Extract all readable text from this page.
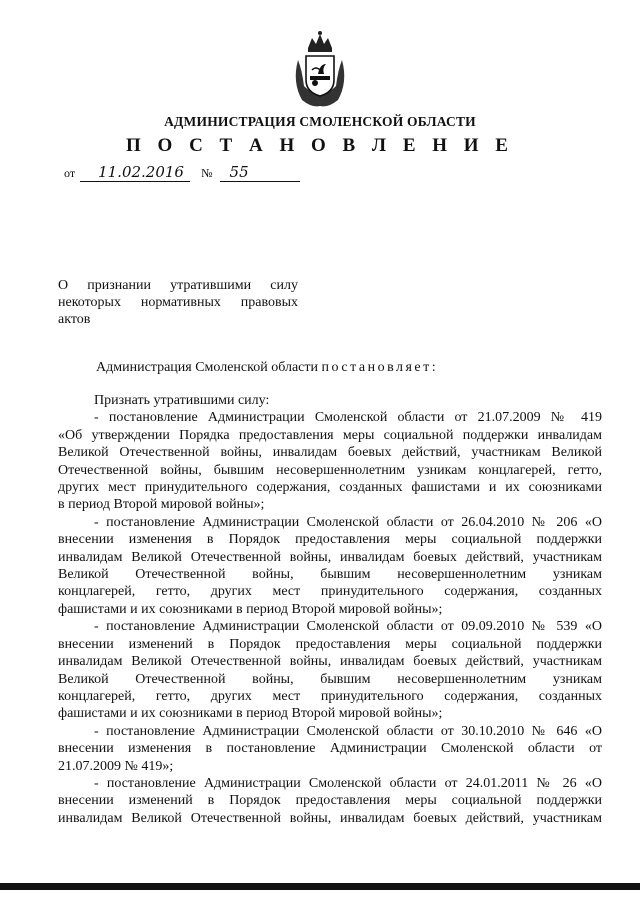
АДМИНИСТРАЦИЯ СМОЛЕНСКОЙ ОБЛАСТИ
П О С Т А Н О В Л Е Н И Е
от 11.02.2016 № 55
О признании утратившими силу
некоторых нормативных правовых
актов
Администрация Смоленской области постановляет:
Признать утратившими силу:
- постановление Администрации Смоленской области от 21.07.2009 № 419
«Об утверждении Порядка предоставления меры социальной поддержки инвалидам
Великой Отечественной войны, инвалидам боевых действий, участникам Великой
Отечественной войны, бывшим несовершеннолетним узникам концлагерей, гетто,
других мест принудительного содержания, созданных фашистами и их союзниками
в период Второй мировой войны»;
- постановление Администрации Смоленской области от 26.04.2010 № 206 «О
внесении изменения в Порядок предоставления меры социальной поддержки
инвалидам Великой Отечественной войны, инвалидам боевых действий, участникам
Великой Отечественной войны, бывшим несовершеннолетним узникам
концлагерей, гетто, других мест принудительного содержания, созданных
фашистами и их союзниками в период Второй мировой войны»;
- постановление Администрации Смоленской области от 09.09.2010 № 539 «О
внесении изменений в Порядок предоставления меры социальной поддержки
инвалидам Великой Отечественной войны, инвалидам боевых действий, участникам
Великой Отечественной войны, бывшим несовершеннолетним узникам
концлагерей, гетто, других мест принудительного содержания, созданных
фашистами и их союзниками в период Второй мировой войны»;
- постановление Администрации Смоленской области от 30.10.2010 № 646 «О
внесении изменения в постановление Администрации Смоленской области от
21.07.2009 № 419»;
- постановление Администрации Смоленской области от 24.01.2011 № 26 «О
внесении изменений в Порядок предоставления меры социальной поддержки
инвалидам Великой Отечественной войны, инвалидам боевых действий, участникам
